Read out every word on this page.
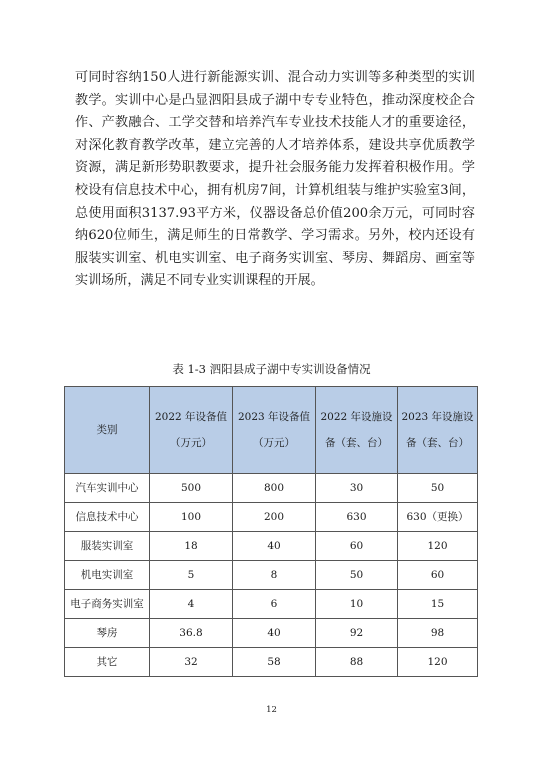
可同时容纳150人进行新能源实训、混合动力实训等多种类型的实训教学。实训中心是凸显泗阳县成子湖中专专业特色，推动深度校企合作、产教融合、工学交替和培养汽车专业技术技能人才的重要途径，对深化教育教学改革，建立完善的人才培养体系，建设共享优质教学资源，满足新形势职教要求，提升社会服务能力发挥着积极作用。学校设有信息技术中心，拥有机房7间，计算机组装与维护实验室3间，总使用面积3137.93平方米，仪器设备总价值200余万元，可同时容纳620位师生，满足师生的日常教学、学习需求。另外，校内还设有服装实训室、机电实训室、电子商务实训室、琴房、舞蹈房、画室等实训场所，满足不同专业实训课程的开展。

表 1-3 泗阳县成子湖中专实训设备情况
类别	2022 年设备值（万元）	2023 年设备值（万元）	2022 年设施设备（套、台）	2023 年设施设备（套、台）
汽车实训中心	500	800	30	50
信息技术中心	100	200	630	630（更换）
服装实训室	18	40	60	120
机电实训室	5	8	50	60
电子商务实训室	4	6	10	15
琴房	36.8	40	92	98
其它	32	58	88	120
12
